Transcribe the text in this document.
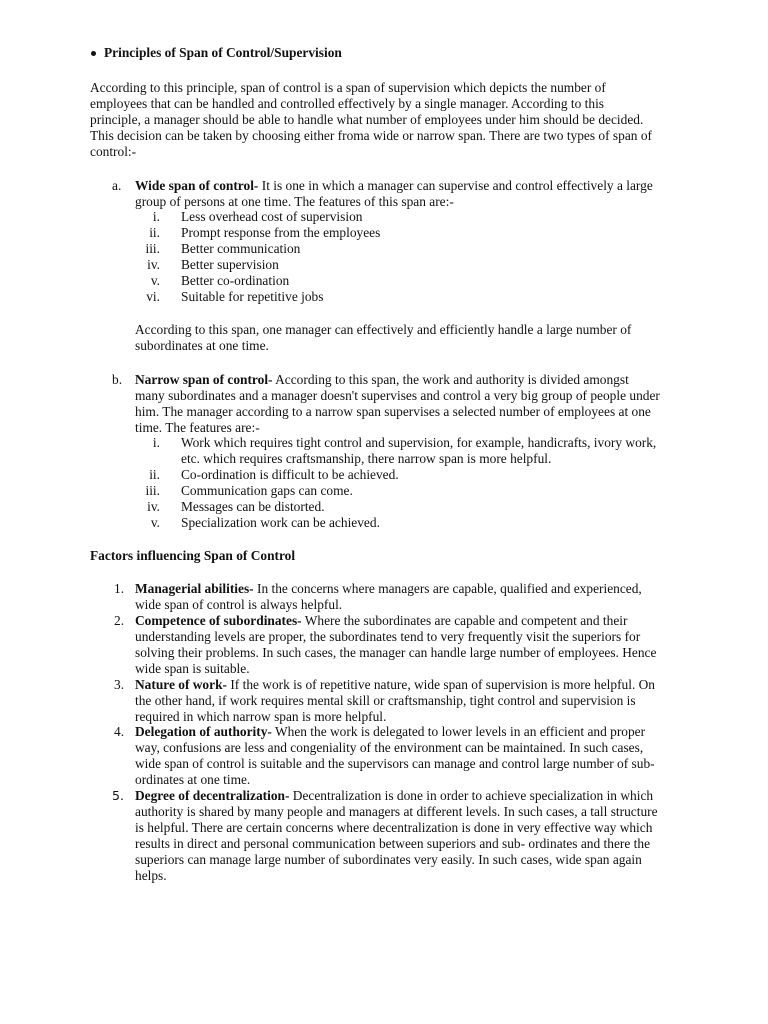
Principles of Span of Control/Supervision
According to this principle, span of control is a span of supervision which depicts the number of
employees that can be handled and controlled effectively by a single manager. According to this
principle, a manager should be able to handle what number of employees under him should be decided.
This decision can be taken by choosing either froma wide or narrow span. There are two types of span of
control:-
a. Wide span of control- It is one in which a manager can supervise and control effectively a large
group of persons at one time. The features of this span are:-
i. Less overhead cost of supervision
ii. Prompt response from the employees
iii. Better communication
iv. Better supervision
v. Better co-ordination
vi. Suitable for repetitive jobs
According to this span, one manager can effectively and efficiently handle a large number of
subordinates at one time.
b. Narrow span of control- According to this span, the work and authority is divided amongst
many subordinates and a manager doesn't supervises and control a very big group of people under
him. The manager according to a narrow span supervises a selected number of employees at one
time. The features are:-
i. Work which requires tight control and supervision, for example, handicrafts, ivory work,
etc. which requires craftsmanship, there narrow span is more helpful.
ii. Co-ordination is difficult to be achieved.
iii. Communication gaps can come.
iv. Messages can be distorted.
v. Specialization work can be achieved.
Factors influencing Span of Control
1. Managerial abilities- In the concerns where managers are capable, qualified and experienced,
wide span of control is always helpful.
2. Competence of subordinates- Where the subordinates are capable and competent and their
understanding levels are proper, the subordinates tend to very frequently visit the superiors for
solving their problems. In such cases, the manager can handle large number of employees. Hence
wide span is suitable.
3. Nature of work- If the work is of repetitive nature, wide span of supervision is more helpful. On
the other hand, if work requires mental skill or craftsmanship, tight control and supervision is
required in which narrow span is more helpful.
4. Delegation of authority- When the work is delegated to lower levels in an efficient and proper
way, confusions are less and congeniality of the environment can be maintained. In such cases,
wide span of control is suitable and the supervisors can manage and control large number of sub-
ordinates at one time.
5. Degree of decentralization- Decentralization is done in order to achieve specialization in which
authority is shared by many people and managers at different levels. In such cases, a tall structure
is helpful. There are certain concerns where decentralization is done in very effective way which
results in direct and personal communication between superiors and sub- ordinates and there the
superiors can manage large number of subordinates very easily. In such cases, wide span again
helps.
